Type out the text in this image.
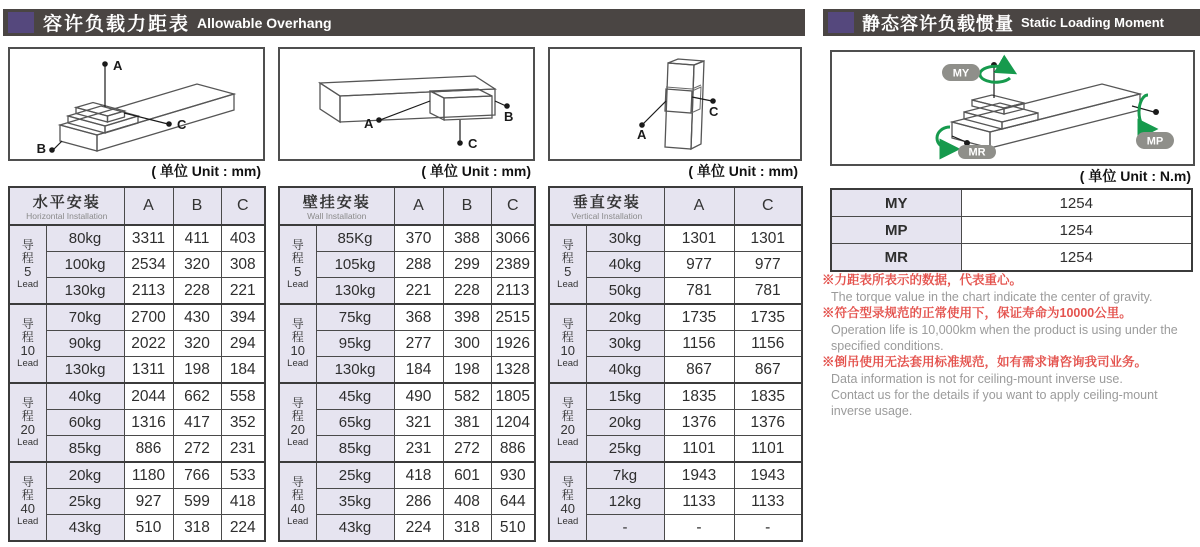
容许负载力距表 Allowable Overhang	静态容许负载惯量 Static Loading Moment
A
B
C	A	B
C
A
C
MY
MP
MR
( 单位 Unit : mm)	( 单位 Unit : mm)	( 单位 Unit : mm)	( 单位 Unit : N.m)
水平安装
Horizontal Installation		A	B	C

导
程
5
Lead	80kg	3311	411	403
	100kg	2534	320	308
	130kg	2113	228	221

导
程
10
Lead	70kg	2700	430	394
	90kg	2022	320	294
	130kg	1311	198	184

导
程
20
Lead	40kg	2044	662	558
	60kg	1316	417	352
	85kg	886	272	231

导
程
40
Lead	20kg	1180	766	533
	25kg	927	599	418
	43kg	510	318	224
壁挂安装
Wall Installation		A	B	C

导
程
5
Lead	85Kg	370	388	3066
	105kg	288	299	2389
	130kg	221	228	2113

导
程
10
Lead	75kg	368	398	2515
	95kg	277	300	1926
	130kg	184	198	1328

导
程
20
Lead	45kg	490	582	1805
	65kg	321	381	1204
	85kg	231	272	886

导
程
40
Lead	25kg	418	601	930
	35kg	286	408	644
	43kg	224	318	510
垂直安装
Vertical Installation		A	C

导
程
5
Lead	30kg	1301	1301
	40kg	977	977
	50kg	781	781

导
程
10
Lead	20kg	1735	1735
	30kg	1156	1156
	40kg	867	867

导
程
20
Lead	15kg	1835	1835
	20kg	1376	1376
	25kg	1101	1101

导
程
40
Lead	7kg	1943	1943
	12kg	1133	1133
	-	-	-
MY	1254
MP	1254
MR	1254
※力距表所表示的数据，代表重心。
The torque value in the chart indicate the center of gravity.
※符合型录规范的正常使用下，保证寿命为10000公里。
Operation life is 10,000km when the product is using under the specified conditions.
※倒吊使用无法套用标准规范，如有需求请咨询我司业务。
Data information is not for ceiling-mount inverse use.
Contact us for the details if you want to apply ceiling-mount inverse usage.
